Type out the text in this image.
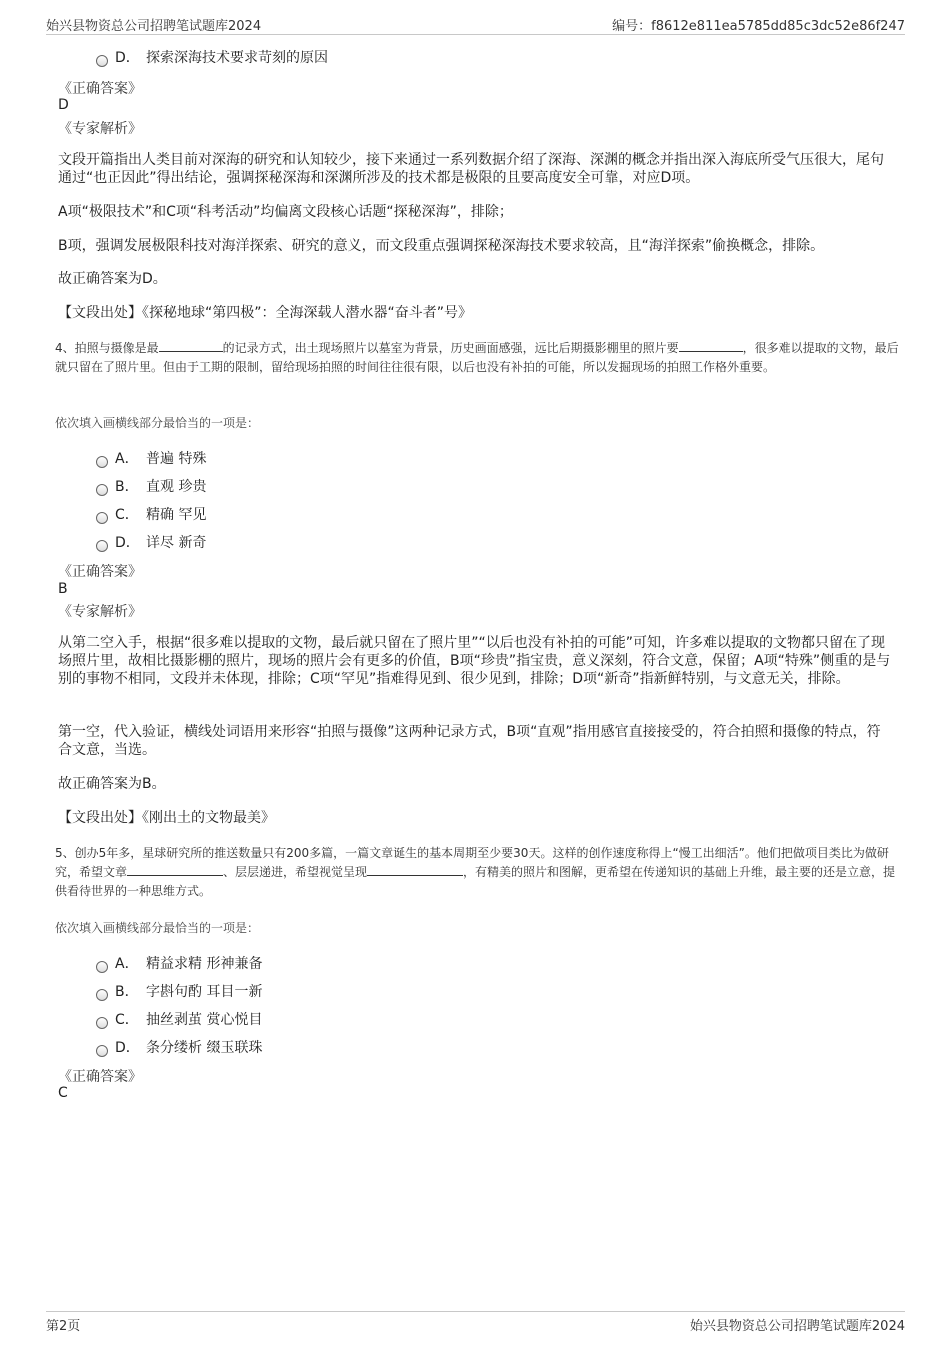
始兴县物资总公司招聘笔试题库2024	编号：f8612e811ea5785dd85c3dc52e86f247
D． 探索深海技术要求苛刻的原因
《正确答案》
D
《专家解析》
文段开篇指出人类目前对深海的研究和认知较少，接下来通过一系列数据介绍了深海、深渊的概念并指出深入海底所受气压很大，尾句通过“也正因此”得出结论，强调探秘深海和深渊所涉及的技术都是极限的且要高度安全可靠，对应D项。
A项“极限技术”和C项“科考活动”均偏离文段核心话题“探秘深海”，排除；
B项，强调发展极限科技对海洋探索、研究的意义，而文段重点强调探秘深海技术要求较高，且“海洋探索”偷换概念，排除。
故正确答案为D。
【文段出处】《探秘地球“第四极”：全海深载人潜水器“奋斗者”号》
4、拍照与摄像是最	的记录方式，出土现场照片以墓室为背景，历史画面感强，远比后期摄影棚里的照片要	，很多难以提取的文物，最后就只留在了照片里。但由于工期的限制，留给现场拍照的时间往往很有限，以后也没有补拍的可能，所以发掘现场的拍照工作格外重要。
依次填入画横线部分最恰当的一项是：
A． 普遍 特殊
B． 直观 珍贵
C． 精确 罕见
D． 详尽 新奇
《正确答案》
B
《专家解析》
从第二空入手，根据“很多难以提取的文物，最后就只留在了照片里”“以后也没有补拍的可能”可知，许多难以提取的文物都只留在了现场照片里，故相比摄影棚的照片，现场的照片会有更多的价值，B项“珍贵”指宝贵，意义深刻，符合文意，保留；A项“特殊”侧重的是与别的事物不相同，文段并未体现，排除；C项“罕见”指难得见到、很少见到，排除；D项“新奇”指新鲜特别，与文意无关，排除。
第一空，代入验证，横线处词语用来形容“拍照与摄像”这两种记录方式，B项“直观”指用感官直接接受的，符合拍照和摄像的特点，符合文意，当选。
故正确答案为B。
【文段出处】《刚出土的文物最美》
5、创办5年多，星球研究所的推送数量只有200多篇，一篇文章诞生的基本周期至少要30天。这样的创作速度称得上“慢工出细活”。他们把做项目类比为做研究，希望文章	、层层递进，希望视觉呈现	，有精美的照片和图解，更希望在传递知识的基础上升维，最主要的还是立意，提供看待世界的一种思维方式。
依次填入画横线部分最恰当的一项是：
A． 精益求精 形神兼备
B． 字斟句酌 耳目一新
C． 抽丝剥茧 赏心悦目
D． 条分缕析 缀玉联珠
《正确答案》
C
第2页	始兴县物资总公司招聘笔试题库2024
